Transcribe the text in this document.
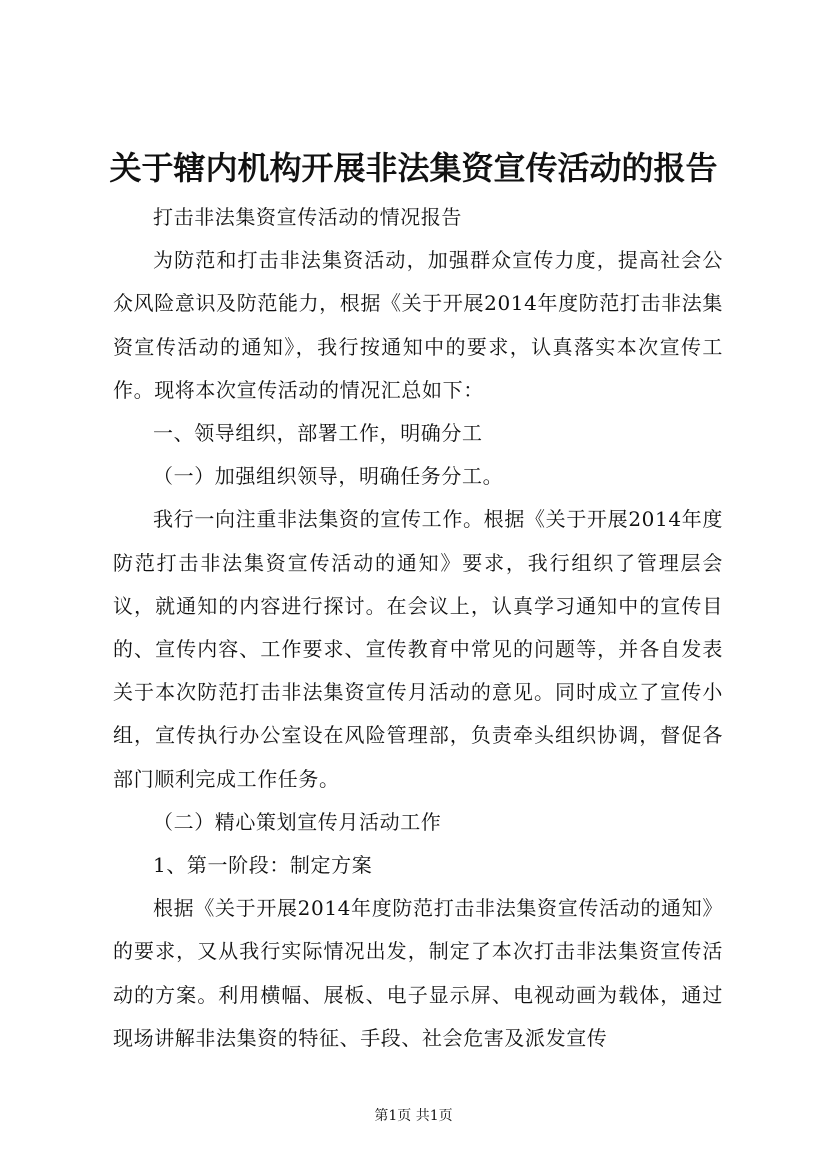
关于辖内机构开展非法集资宣传活动的报告

打击非法集资宣传活动的情况报告

为防范和打击非法集资活动，加强群众宣传力度，提高社会公众风险意识及防范能力，根据《关于开展2014年度防范打击非法集资宣传活动的通知》，我行按通知中的要求，认真落实本次宣传工作。现将本次宣传活动的情况汇总如下：

一、领导组织，部署工作，明确分工

（一）加强组织领导，明确任务分工。

我行一向注重非法集资的宣传工作。根据《关于开展2014年度防范打击非法集资宣传活动的通知》要求，我行组织了管理层会议，就通知的内容进行探讨。在会议上，认真学习通知中的宣传目的、宣传内容、工作要求、宣传教育中常见的问题等，并各自发表关于本次防范打击非法集资宣传月活动的意见。同时成立了宣传小组，宣传执行办公室设在风险管理部，负责牵头组织协调，督促各部门顺利完成工作任务。

（二）精心策划宣传月活动工作

1、第一阶段：制定方案

根据《关于开展2014年度防范打击非法集资宣传活动的通知》的要求，又从我行实际情况出发，制定了本次打击非法集资宣传活动的方案。利用横幅、展板、电子显示屏、电视动画为载体，通过现场讲解非法集资的特征、手段、社会危害及派发宣传

第1页 共1页
